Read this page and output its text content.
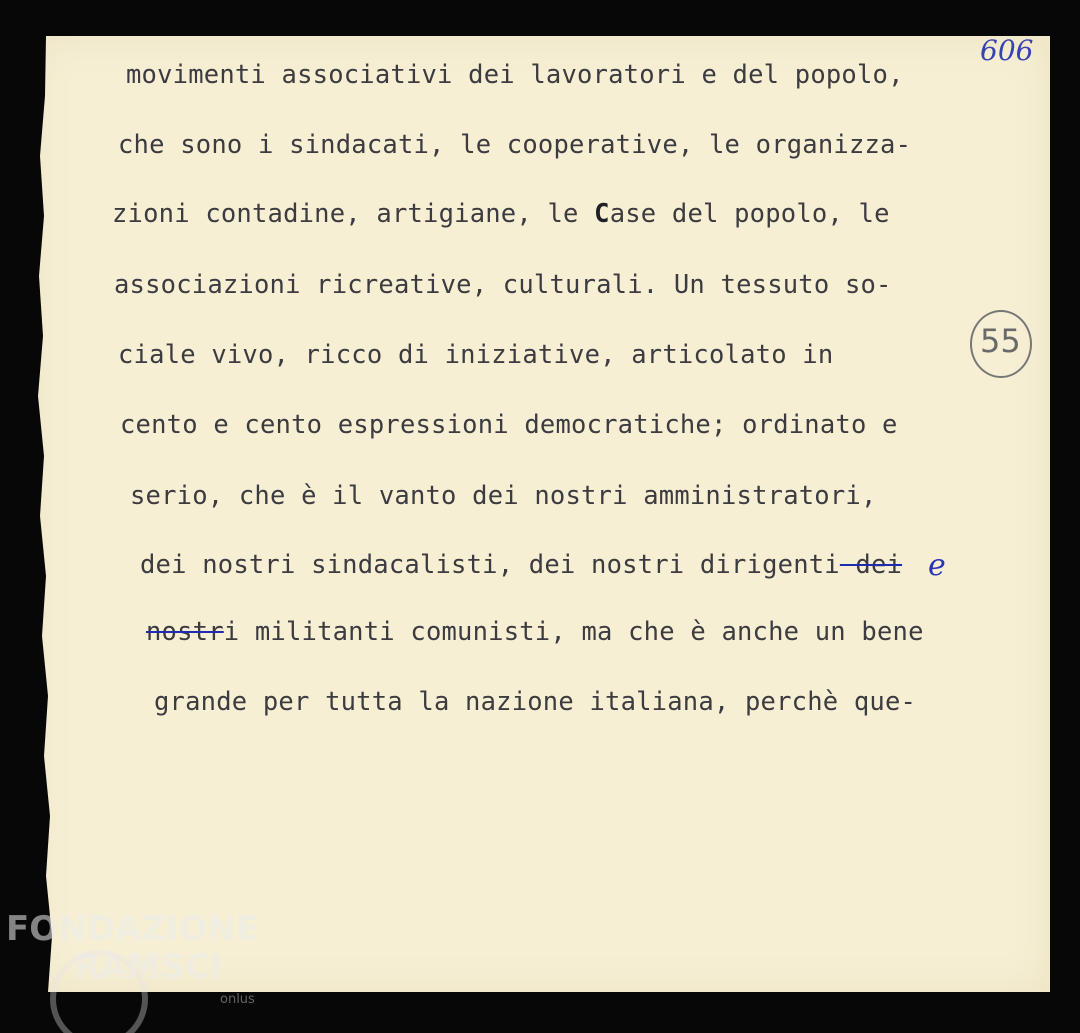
movimenti associativi dei lavoratori e del popolo,
che sono i sindacati, le cooperative, le organizza-
zioni contadine, artigiane, le Case del popolo, le
associazioni ricreative, culturali. Un tessuto so-
ciale vivo, ricco di iniziative, articolato in
cento e cento espressioni democratiche; ordinato e
serio, che è il vanto dei nostri amministratori,
dei nostri sindacalisti, dei nostri dirigenti dei
nostri militanti comunisti, ma che è anche un bene
grande per tutta la nazione italiana, perchè que-
e
606
55
FONDAZIONE
RAMSCI
onlus
